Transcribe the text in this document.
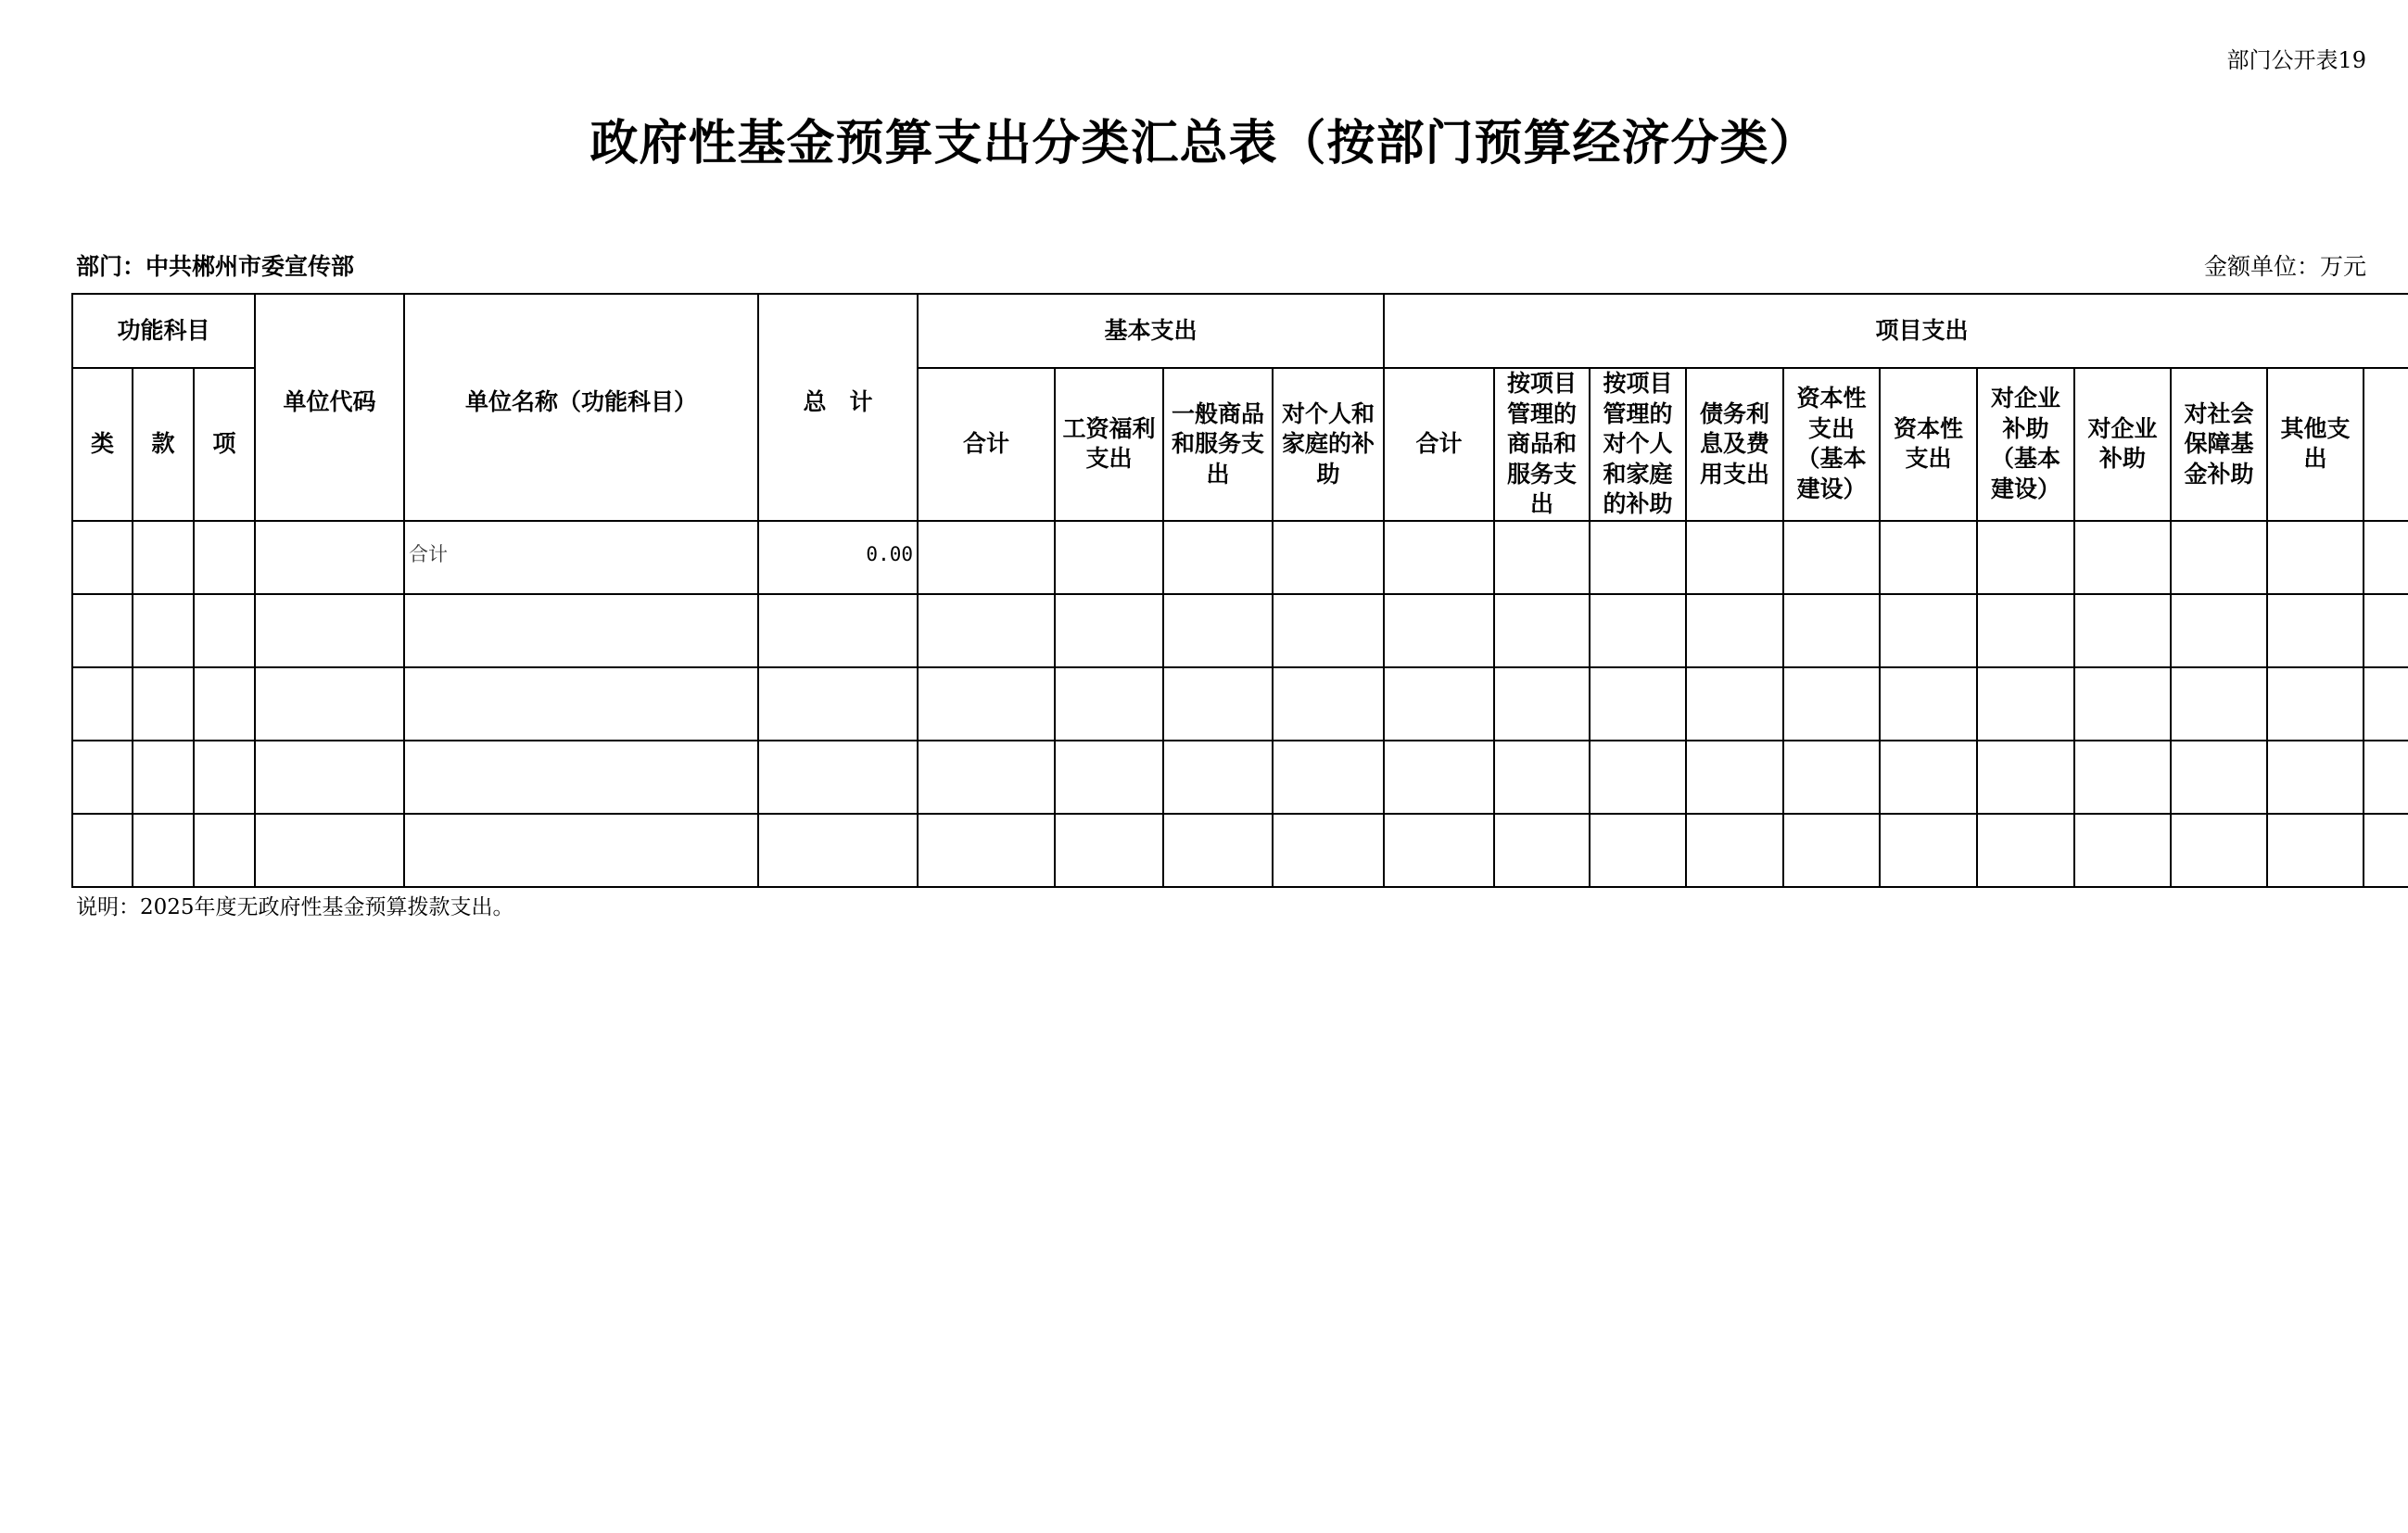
部门公开表19
政府性基金预算支出分类汇总表（按部门预算经济分类）
部门：中共郴州市委宣传部	金额单位：万元
功能科目			单位代码	单位名称（功能科目）	总　计	基本支出				项目支出										
类	款	项				合计	工资福利支出	一般商品和服务支出	对个人和家庭的补助	合计	按项目管理的商品和服务支出	按项目管理的对个人和家庭的补助	债务利息及费用支出	资本性支出（基本建设）	资本性支出	对企业补助（基本建设）	对企业补助	对社会保障基金补助	其他支出	
				合计	0.00															

说明：2025年度无政府性基金预算拨款支出。
